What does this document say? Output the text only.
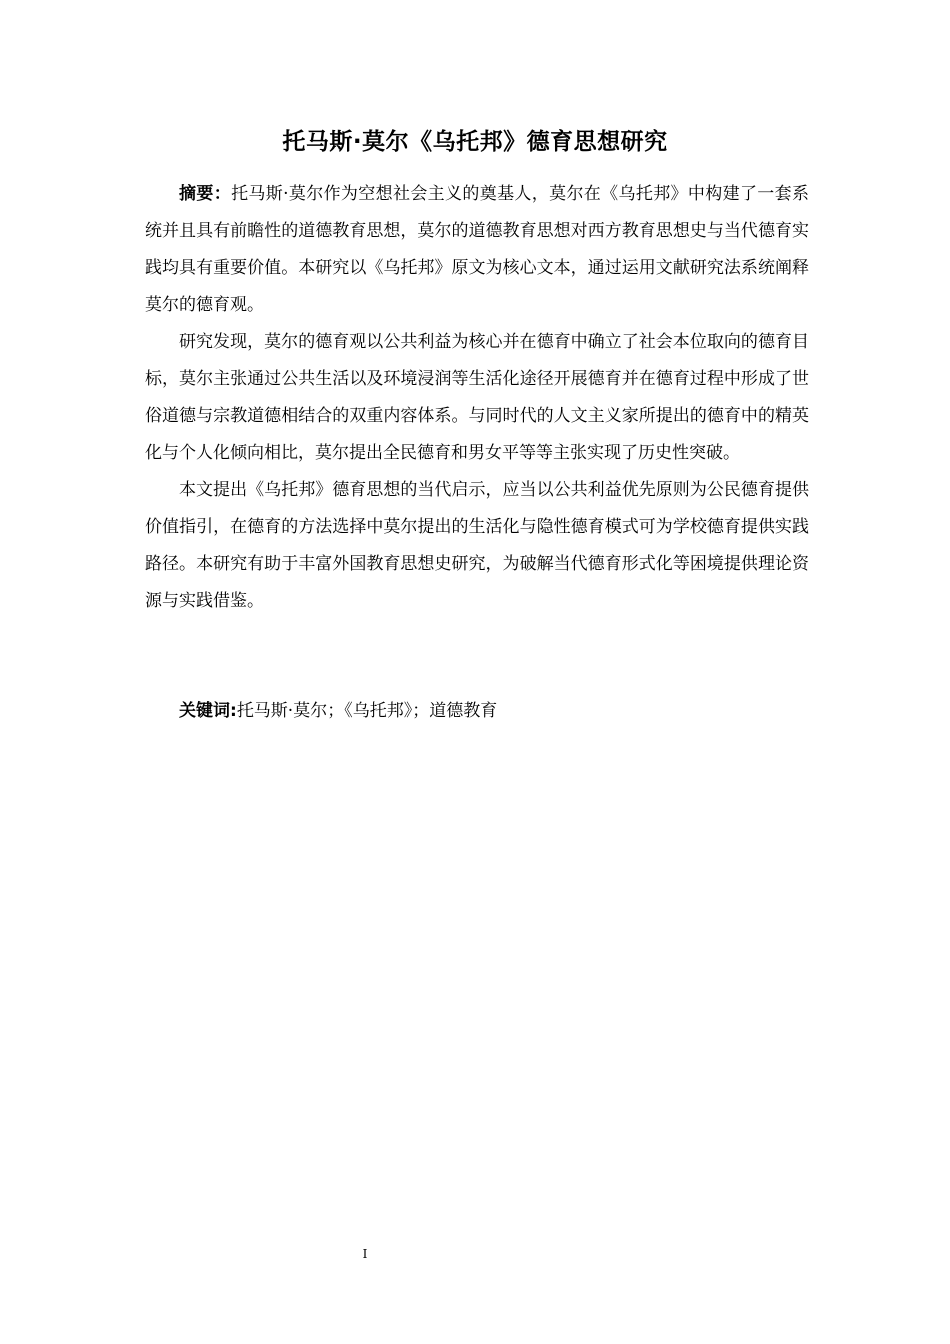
托马斯·莫尔《乌托邦》德育思想研究

摘要：托马斯·莫尔作为空想社会主义的奠基人，莫尔在《乌托邦》中构建了一套系统并且具有前瞻性的道德教育思想，莫尔的道德教育思想对西方教育思想史与当代德育实践均具有重要价值。本研究以《乌托邦》原文为核心文本，通过运用文献研究法系统阐释莫尔的德育观。

研究发现，莫尔的德育观以公共利益为核心并在德育中确立了社会本位取向的德育目标，莫尔主张通过公共生活以及环境浸润等生活化途径开展德育并在德育过程中形成了世俗道德与宗教道德相结合的双重内容体系。与同时代的人文主义家所提出的德育中的精英化与个人化倾向相比，莫尔提出全民德育和男女平等等主张实现了历史性突破。

本文提出《乌托邦》德育思想的当代启示，应当以公共利益优先原则为公民德育提供价值指引，在德育的方法选择中莫尔提出的生活化与隐性德育模式可为学校德育提供实践路径。本研究有助于丰富外国教育思想史研究，为破解当代德育形式化等困境提供理论资源与实践借鉴。

关键词:托马斯·莫尔；《乌托邦》；道德教育
I
